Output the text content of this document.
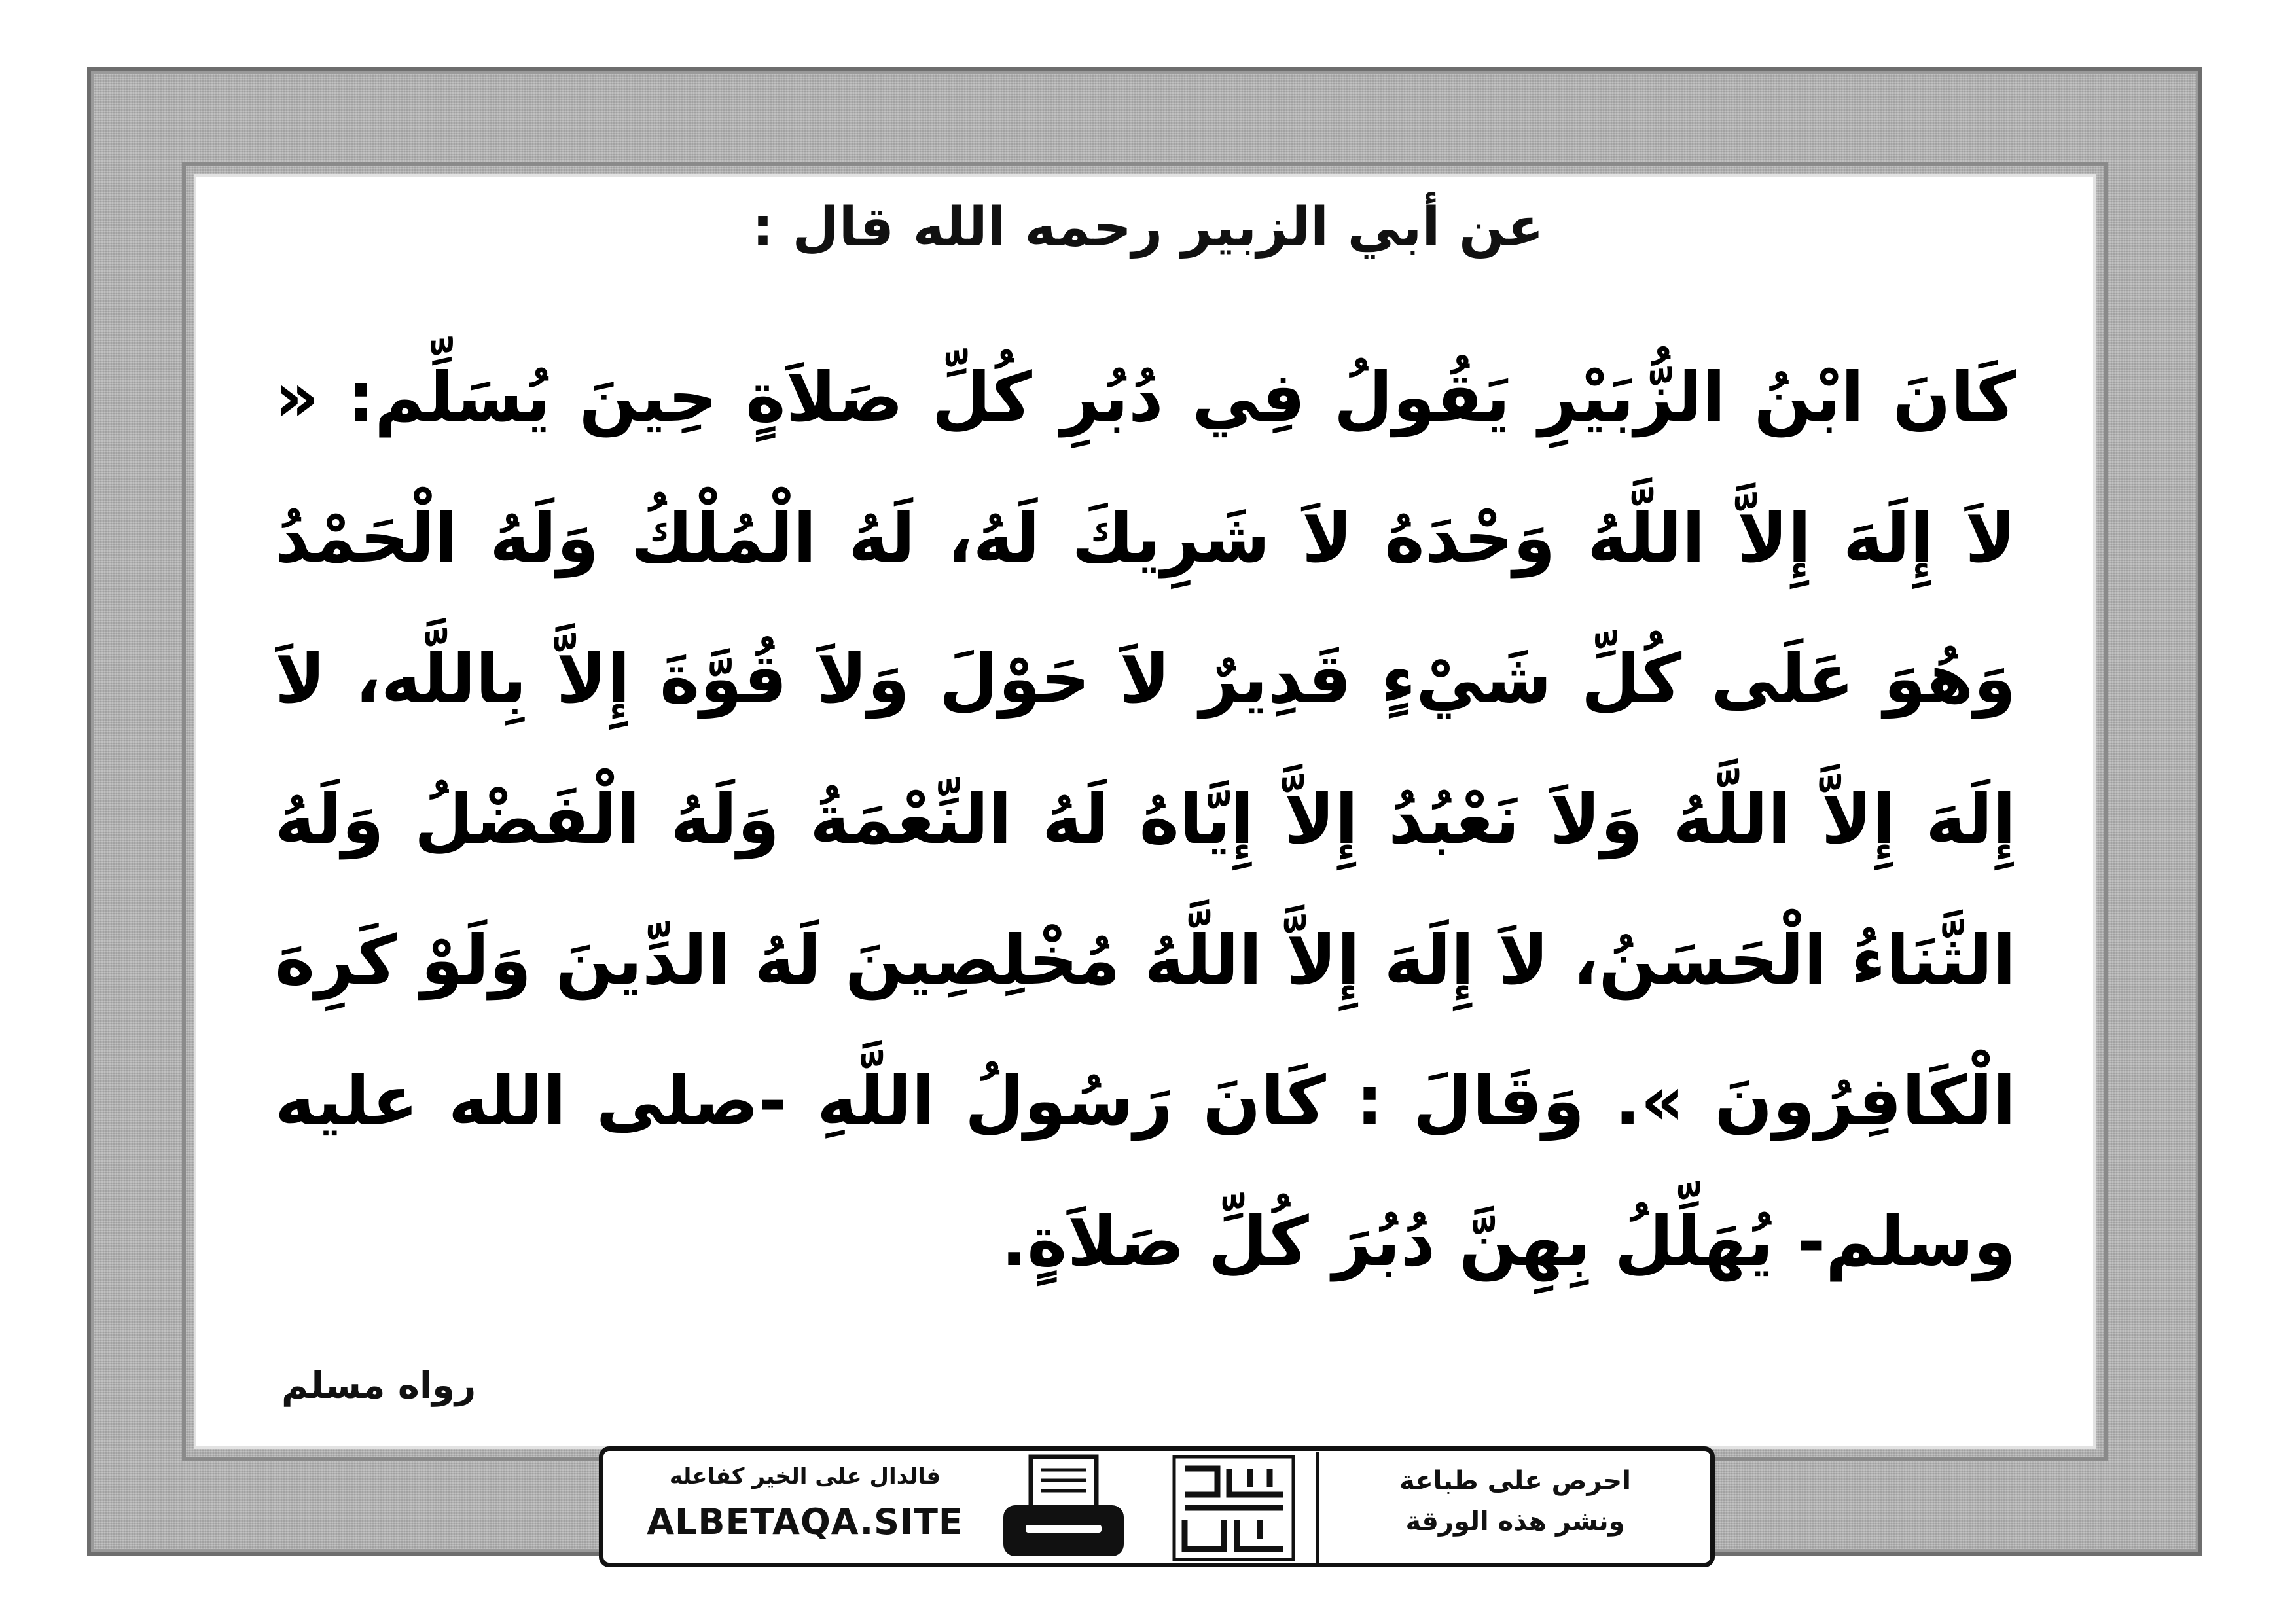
عن أبي الزبير رحمه الله قال :
كَانَ ابْنُ الزُّبَيْرِ يَقُولُ فِي دُبُرِ كُلِّ صَلاَةٍ حِينَ يُسَلِّم: « لاَ إِلَهَ إِلاَّ اللَّهُ وَحْدَهُ لاَ شَرِيكَ لَهُ، لَهُ الْمُلْكُ وَلَهُ الْحَمْدُ وَهُوَ عَلَى كُلِّ شَيْءٍ قَدِيرٌ لاَ حَوْلَ وَلاَ قُوَّةَ إِلاَّ بِاللَّه، لاَ إِلَهَ إِلاَّ اللَّهُ وَلاَ نَعْبُدُ إِلاَّ إِيَّاهُ لَهُ النِّعْمَةُ وَلَهُ الْفَضْلُ وَلَهُ الثَّنَاءُ الْحَسَنُ، لاَ إِلَهَ إِلاَّ اللَّهُ مُخْلِصِينَ لَهُ الدِّينَ وَلَوْ كَرِهَ الْكَافِرُونَ ». وَقَالَ : كَانَ رَسُولُ اللَّهِ -صلى الله عليه وسلم- يُهَلِّلُ بِهِنَّ دُبُرَ كُلِّ صَلاَةٍ.
رواه مسلم
فالدال على الخير كفاعله
ALBETAQA.SITE
احرص على طباعة
ونشر هذه الورقة
